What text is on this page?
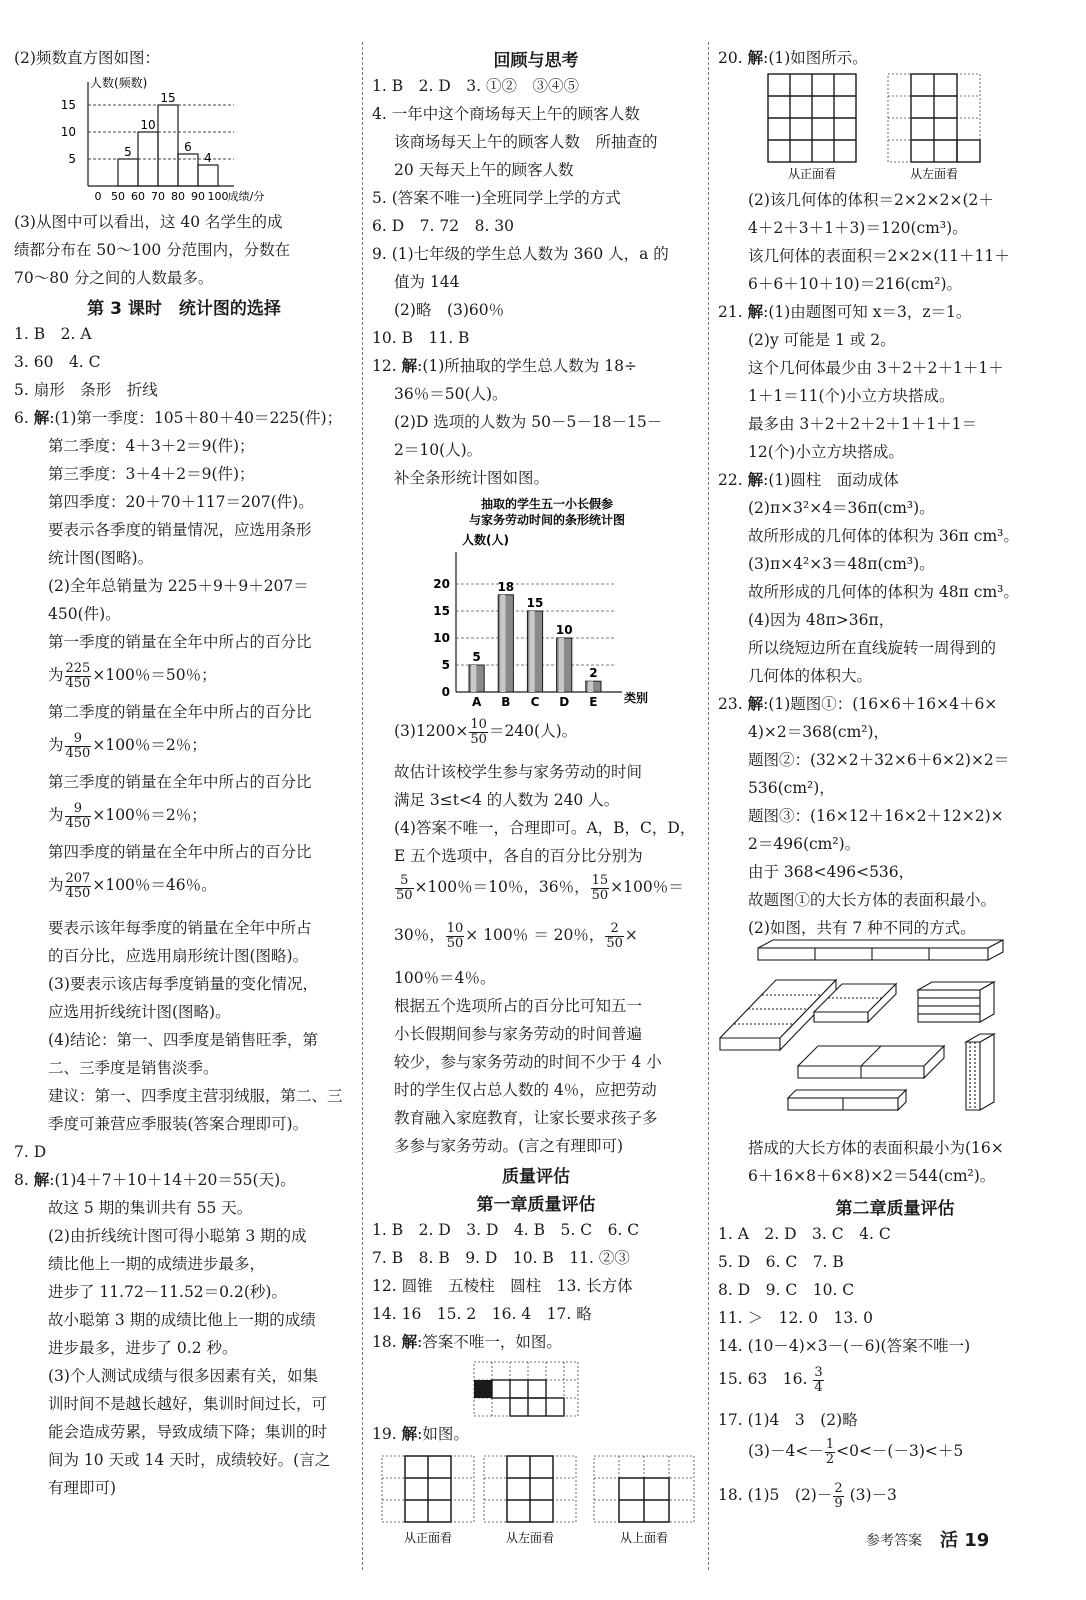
(2)频数直方图如图：
人数(频数)
5
10
15
5
10
15
6
4
0 50 60 70 80 90 100 成绩/分
(3)从图中可以看出，这 40 名学生的成
绩都分布在 50～100 分范围内，分数在
70～80 分之间的人数最多。
第 3 课时　统计图的选择
1. B　2. A
3. 60　4. C
5. 扇形　条形　折线
6. 解:(1)第一季度：105＋80＋40＝225(件)；
第二季度：4＋3＋2＝9(件)；
第三季度：3＋4＋2＝9(件)；
第四季度：20＋70＋117＝207(件)。
要表示各季度的销量情况，应选用条形
统计图(图略)。
(2)全年总销量为 225＋9＋9＋207＝
450(件)。
第一季度的销量在全年中所占的百分比
为 $\frac{225}{450} \times 100$％＝50％；
第二季度的销量在全年中所占的百分比
为 $\frac{9}{450} \times 100$％＝2％；
第三季度的销量在全年中所占的百分比
为 $\frac{9}{450} \times 100$％＝2％；
第四季度的销量在全年中所占的百分比
为 $\frac{207}{450} \times 100$％＝46％。
要表示该年每季度的销量在全年中所占
的百分比，应选用扇形统计图(图略)。
(3)要表示该店每季度销量的变化情况，
应选用折线统计图(图略)。
(4)结论：第一、四季度是销售旺季，第
二、三季度是销售淡季。
建议：第一、四季度主营羽绒服，第二、三
季度可兼营应季服装(答案合理即可)。
7. D
8. 解:(1)4＋7＋10＋14＋20＝55(天)。
故这 5 期的集训共有 55 天。
(2)由折线统计图可得小聪第 3 期的成
绩比他上一期的成绩进步最多，
进步了 11.72－11.52＝0.2(秒)。
故小聪第 3 期的成绩比他上一期的成绩
进步最多，进步了 0.2 秒。
(3)个人测试成绩与很多因素有关，如集
训时间不是越长越好，集训时间过长，可
能会造成劳累，导致成绩下降；集训的时
间为 10 天或 14 天时，成绩较好。(言之
有理即可)
回顾与思考
1. B　2. D　3. ①②　③④⑤
4. 一年中这个商场每天上午的顾客人数
该商场每天上午的顾客人数　所抽查的
20 天每天上午的顾客人数
5. (答案不唯一)全班同学上学的方式
6. D　7. 72　8. 30
9. (1)七年级的学生总人数为 360 人，a 的
值为 144
(2)略　(3)60％
10. B　11. B
12. 解:(1)所抽取的学生总人数为 18÷
36％＝50(人)。
(2)D 选项的人数为 50－5－18－15－
2＝10(人)。
补全条形统计图如图。
抽取的学生五一小长假参
与家务劳动时间的条形统计图
人数(人)
0
5
10
15
20
5
A
18
B
15
C
10
D
2
E 类别
$(3)1200\times \frac{10}{50} =240$(人)。
故估计该校学生参与家务劳动的时间
满足 3≤t<4 的人数为 240 人。
(4)答案不唯一，合理即可。A，B，C，D，
E 五个选项中，各自的百分比分别为
$\frac{5}{50} \times 100$％＝10％，36％， $\frac{15}{50} \times 100$％＝
30％， $\frac{10}{50} \times 100$％ ＝ 20％， $\frac{2}{50}$ ×
100％＝4％。
根据五个选项所占的百分比可知五一
小长假期间参与家务劳动的时间普遍
较少，参与家务劳动的时间不少于 4 小
时的学生仅占总人数的 4％，应把劳动
教育融入家庭教育，让家长要求孩子多
多参与家务劳动。(言之有理即可)
质量评估
第一章质量评估
1. B　2. D　3. D　4. B　5. C　6. C
7. B　8. B　9. D　10. B　11. ②③
12. 圆锥　五棱柱　圆柱　13. 长方体
14. 16　15. 2　16. 4　17. 略
18. 解:答案不唯一，如图。
19. 解:如图。
从正面看	从左面看	从上面看
20. 解:(1)如图所示。
从正面看	从左面看
(2)该几何体的体积＝2×2×2×(2＋
4＋2＋3＋1＋3)＝120(cm³)。
该几何体的表面积＝2×2×(11＋11＋
6＋6＋10＋10)＝216(cm²)。
21. 解:(1)由题图可知 x＝3，z＝1。
(2)y 可能是 1 或 2。
这个几何体最少由 3＋2＋2＋1＋1＋
1＋1＝11(个)小立方块搭成。
最多由 3＋2＋2＋2＋1＋1＋1＝
12(个)小立方块搭成。
22. 解:(1)圆柱　面动成体
(2)π×3²×4＝36π(cm³)。
故所形成的几何体的体积为 36π cm³。
(3)π×4²×3＝48π(cm³)。
故所形成的几何体的体积为 48π cm³。
(4)因为 48π>36π，
所以绕短边所在直线旋转一周得到的
几何体的体积大。
23. 解:(1)题图①：(16×6＋16×4＋6×
4)×2＝368(cm²)，
题图②：(32×2＋32×6＋6×2)×2＝
536(cm²)，
题图③：(16×12＋16×2＋12×2)×
2＝496(cm²)。
由于 368<496<536，
故题图①的大长方体的表面积最小。
(2)如图，共有 7 种不同的方式。
搭成的大长方体的表面积最小为(16×
6＋16×8＋6×8)×2＝544(cm²)。
第二章质量评估
1. A　2. D　3. C　4. C
5. D　6. C　7. B
8. D　9. C　10. C
11. ＞　12. 0　13. 0
14. (10－4)×3－(－6)(答案不唯一)
15. 63　16. $\frac{3}{4}$
17. (1)4　3　(2)略
$(3)-4<- \frac{1}{2} <0<-(-3)<+5$
18. (1)5　$(2)- \frac{2}{9} (3)-3$
参考答案 活 19
